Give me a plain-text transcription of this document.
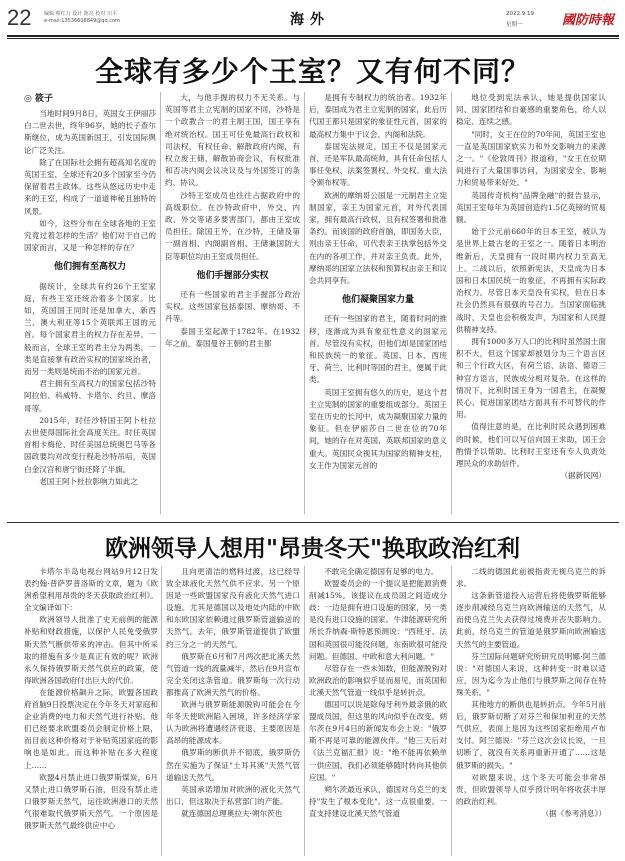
22	编辑 蔡红力 设计 陈亮 校对 川平
e-mail:13536608849@qq.com	海外	2022.9.19
星期一	國防時報
全球有多少个王室？又有何不同？
◎ 筱子

当地时间9月8日，英国女王伊丽莎白二世去世，终年96岁，她的长子查尔斯继位，成为英国新国王，引发国际舆论广泛关注。

除了在国际社会拥有超高知名度的英国王室，全球还有20多个国家至今仍保留着君主政体。这些从悠远历史中走来的王室，构成了一道道神秘且独特的风景。

如今，这些分布在全球各地的王室究竟过着怎样的生活？他们对于自己的国家而言，又是一种怎样的存在？

他们拥有至高权力

据统计，全球共有约26个王室家庭，有些王室还统治着多个国家。比如，英国国王同时还是加拿大、新西兰、澳大利亚等15个英联邦王国的元首。每个国家君主的权力存在差异。一般而言，全球王室的君主分为两类，一类是直接掌有政治实权的国家统治者，而另一类则是统而不治的国家元首。

君主拥有至高权力的国家包括沙特阿拉伯、科威特、卡塔尔、约旦、摩洛哥等。

2015年，时任沙特国王阿卜杜拉去世使得国际社会高度关注。时任英国首相卡梅伦、时任美国总统奥巴马等各国政要均对改变行程赴沙特吊唁，英国白金汉宫和唐宁街还降了半旗。

老国王阿卜杜拉影响力如此之

大，与他手握的权力不无关系。与英国等君主立宪制的国家不同，沙特是一个政教合一的君主制王国，国王享有绝对统治权。国王可任免最高行政权和司法权，有权任命、解散政府内阁，有权立废王储，解散协商会议，有权批准和否决内阁会议决议及与外国签订的条约、协议。

沙特王室成员也往往占据政府中的高级职位。在沙特政府中，外交、内政、外交等诸多要害部门，都由王室成员担任。除国王外，在沙特，王储及第一副首相、内阁副首相、王储兼国防大臣等职位均由王室成员担任。

他们手握部分实权

还有一些国家的君主手握部分政治实权。这些国家包括泰国、摩纳哥、不丹等。

泰国王室起源于1782年。在1932年之前，泰国曼谷王朝的君主都

是拥有专制权力的统治者。1932年后，泰国成为君主立宪制的国家，此后历代国王都只是国家的象征性元首，国家的最高权力集中于议会、内阁和法院。

泰国宪法规定，国王不仅是国家元首，还是军队最高统帅，具有任命包括人事任免权、法案签署权、外交权、重大法令颁布权等。

欧洲的摩纳哥公国是一元制君主立宪制国家，亲王为国家元首，对外代表国家，拥有最高行政权，且有权签署和批准条约。而该国的政府首脑，即国务大臣，则由亲王任命，可代表亲王执掌包括外交在内的各项工作，并对亲王负责。此外，摩纳哥的国家立法权和预算权由亲王和议会共同享有。

他们凝聚国家力量

还有一些国家的君主，随着时间的推移，逐渐成为具有象征性意义的国家元首。尽管没有实权，但他们却是国家团结和民族统一的象征。英国、日本、西班牙、荷兰、比利时等国的君主，便属于此类。

英国王室拥有悠久的历史，是这个君主立宪制的国家的重要组成部分。英国王室在历史的长河中，成为凝聚国家力量的象征。但在伊丽莎白二世在位的70年间，她的存在对英国、英联邦国家的意义重大。英国民众视其为国家的精神支柱，女王作为国家元首的

地位受到宪法承认，她是提供国家认同、国家团结和自豪感的重要角色，给人以稳定、连续之感。

"同时，女王在位的70年间，英国王室也一直是英国国家软实力和外交影响力的来源之一。"《伦敦周刊》报道称，"女王在位期间进行了大量国事访问，为国家安全、影响力和贸易带来好处。"

英国传奇机构"品牌金融"的报告显示，英国王室每年为英国创造约1.5亿英镑的贸易额。

始于公元前660年的日本王室，被认为是世界上最古老的王室之一。随着日本明治维新后，天皇拥有一段时期内权力至高无上。二战以后，依照新宪法，天皇成为日本国和日本国民统一的象征，不再拥有实际政治权力。尽管日本天皇没有实权，但在日本社会仍然具有很强的号召力。当国家面临挑战时，天皇也会积极发声，为国家和人民提供精神支持。

拥有1000多万人口的比利时虽然国土面积不大，但这个国家却被划分为三个语言区和三个行政大区，有荷兰语、法语、德语三种官方语言，民族成分相对复杂。在这样的情况下，比利时国王身为一国君主，在凝聚民心、促进国家团结方面具有不可替代的作用。

值得注意的是，在比利时民众遇到困难的时候，他们可以写信向国王求助，国王会酌情予以帮助。比利时王室还有专人负责处理民众的求助信件。

（据新民网）

欧洲领导人想用"昂贵冬天"换取政治红利

卡塔尔半岛电视台网站9月12日发表约翰·普萨罗普洛斯的文章，题为《欧洲希望利用昂贵的冬天获取政治红利》。全文编译如下：

欧洲领导人批准了史无前例的能源补贴和财政措施，以保护人民免受俄罗斯天然气断供带来的冲击。但其中所采取的措施有多少是真正有效的呢？欧洲永久保持俄罗斯天然气供应的政策，使得欧洲各国政府付出巨大的代价。

在能源价格飙升之际，欧盟各国政府首脑9日投票决定在今年冬天对家庭和企业消费的电力和天然气进行补贴。他们已经要求欧盟委员会制定价格上限，而目前这种价格对于补贴英国家庭的影响也是如此。而这种补贴在多大程度上……

欧盟4月禁止进口俄罗斯煤炭，6月又禁止进口俄罗斯石油，但没有禁止进口俄罗斯天然气，运往欧洲港口的天然气很难取代俄罗斯天然气。一个原因是俄罗斯天然气最终供应中心

且向更清洁的燃料过渡，这已经导致全球液化天然气供不应求。另一个原因是一些欧盟国家没有液化天然气进口设施。尤其是德国以及地处内陆的中欧和东欧国家依赖通过俄罗斯管道输送的天然气。去年，俄罗斯管道提供了欧盟约三分之一的天然气。

俄罗斯在6月和7月两次把北溪天然气管道一线的流量减半，然后在9月宣布完全关闭这条管道。俄罗斯每一次行动都推高了欧洲天然气的价格。

欧洲与俄罗斯能源脱钩可能会在今年冬天使欧洲陷入困境，许多经济学家认为欧洲将遭遇经济衰退，主要原因是高昂的能源成本。

俄罗斯的断供并不彻底，俄罗斯仍然在实施为了保证"土耳其溪"天然气管道输送天然气。

英国承诺增加对欧洲的液化天然气出口，但这取决于私营部门的产能。

就连德国总理奥拉夫·朔尔茨也

不敢完全确定德国有足够的电力。

欧盟委员会的一个提议是把能源消费削减15%。该提议在成员国之间造成分歧：一边是拥有进口设施的国家，另一类是没有进口设施的国家。牛津能源研究所所长乔纳森·斯特恩预测说："西班牙、法国和英国很可能没问题，东南欧很可能没问题。但德国、中欧和意大利问题。"

尽管存在一些未知数，但能源脱钩对欧洲政治的影响似乎显而易见，而英国和北溪天然气管道一线似乎是转折点。

德国可以说是除匈牙利外最亲俄的欧盟成员国，但这里的风向似乎在改变。朔尔茨在9月4日的新闻发布会上说："俄罗斯不再是可靠的能源伙伴。"他三天后对《法兰克福汇报》说："绝不能再依赖单一供应国。我们必须能够随时转向其他供应国。"

朔尔茨最近承认，德国对乌克兰的支持"发生了根本变化"。这一点很重要。一直支持建设北溪天然气管道

二线的德国此前被指责无视乌克兰的诉求。

这条新管道投入运营后将使俄罗斯能够逐步削减经乌克兰向欧洲输送的天然气，从而使乌克兰失去获得过境费并丧失影响力。此前，经乌克兰的管道是俄罗斯向欧洲输送天然气的主要管道。

芬兰国际问题研究所研究员明娜·阿兰德说："对德国人来说，这种转变一时难以适应，因为迄今为止他们与俄罗斯之间存在特殊关系。"

其他地方的断供也是转折点。今年5月前后，俄罗斯切断了对芬兰和保加利亚的天然气供应，表面上是因为这些国家拒绝用卢布支付。阿兰德说："芬兰这次会议长说，一旦切断了，就没有关系再重新开通了……这是俄罗斯的损失。"

对欧盟来说，这个冬天可能会非常昂贵，但欧盟领导人似乎预计明年将收获丰厚的政治红利。

（据《参考消息》）
